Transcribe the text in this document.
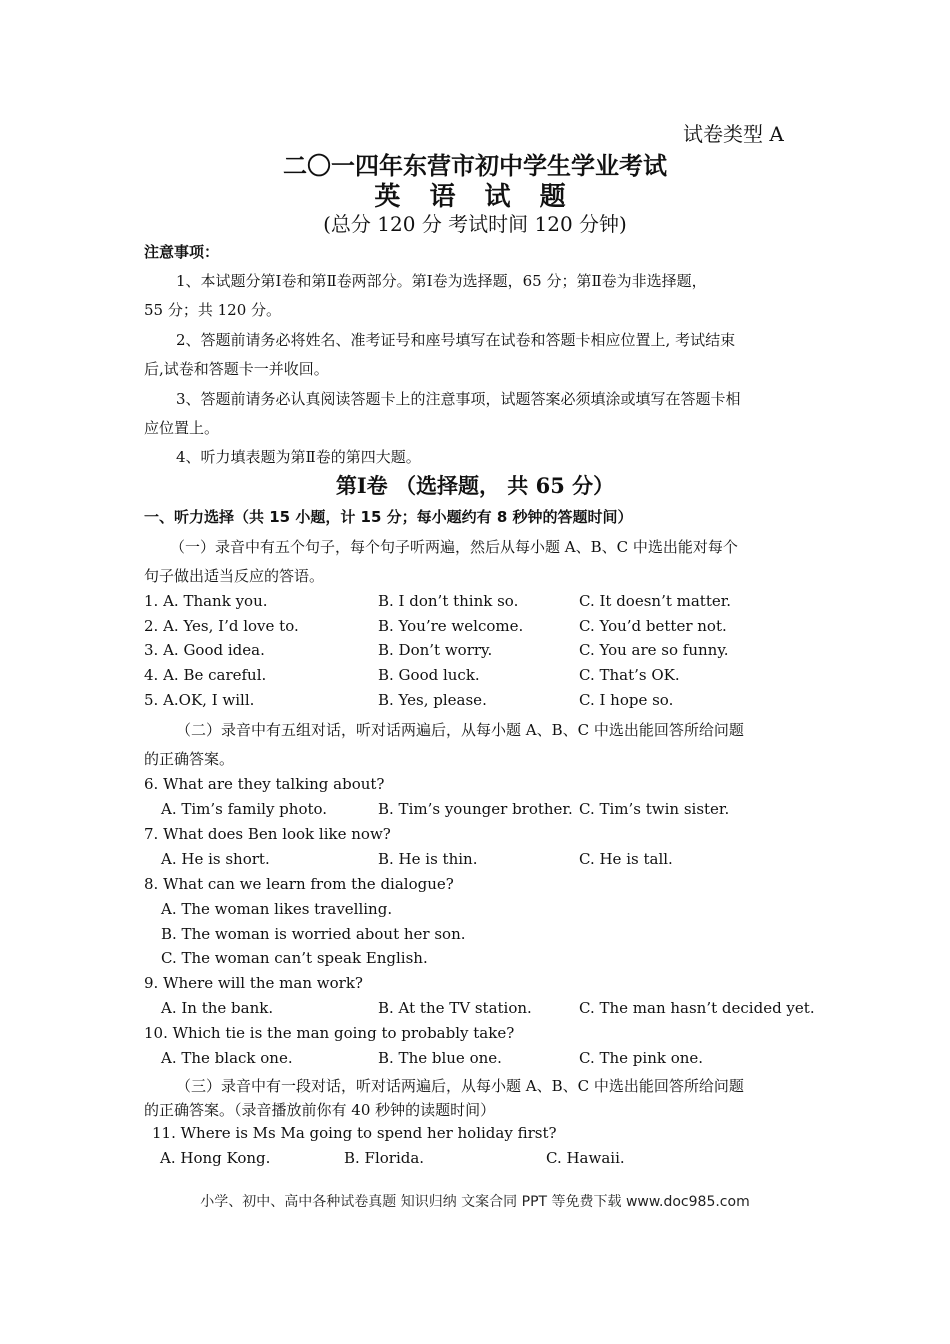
试卷类型 A
二〇一四年东营市初中学生学业考试
英 语 试 题
(总分 120 分 考试时间 120 分钟)
注意事项：
1、本试题分第Ⅰ卷和第Ⅱ卷两部分。第Ⅰ卷为选择题，65 分；第Ⅱ卷为非选择题，
55 分；共 120 分。
2、答题前请务必将姓名、准考证号和座号填写在试卷和答题卡相应位置上, 考试结束
后,试卷和答题卡一并收回。
3、答题前请务必认真阅读答题卡上的注意事项，试题答案必须填涂或填写在答题卡相
应位置上。
4、听力填表题为第Ⅱ卷的第四大题。
第Ⅰ卷 （选择题， 共 65 分）
一、听力选择（共 15 小题，计 15 分；每小题约有 8 秒钟的答题时间）
（一）录音中有五个句子，每个句子听两遍，然后从每小题 A、B、C 中选出能对每个
句子做出适当反应的答语。
1. A. Thank you.	B. I don’t think so.	C. It doesn’t matter.
2. A. Yes, I’d love to.	B. You’re welcome.	C. You’d better not.
3. A. Good idea.	B. Don’t worry.	C. You are so funny.
4. A. Be careful.	B. Good luck.	C. That’s OK.
5. A.OK, I will.	B. Yes, please.	C. I hope so.
（二）录音中有五组对话，听对话两遍后，从每小题 A、B、C 中选出能回答所给问题
的正确答案。
6. What are they talking about?
A. Tim’s family photo.	B. Tim’s younger brother. C. Tim’s twin sister.
7. What does Ben look like now?
A. He is short.	B. He is thin.	C. He is tall.
8. What can we learn from the dialogue?
A. The woman likes travelling.
B. The woman is worried about her son.
C. The woman can’t speak English.
9. Where will the man work?
A. In the bank.	B. At the TV station.	C. The man hasn’t decided yet.
10. Which tie is the man going to probably take?
A. The black one.	B. The blue one.	C. The pink one.
（三）录音中有一段对话，听对话两遍后，从每小题 A、B、C 中选出能回答所给问题
的正确答案。（录音播放前你有 40 秒钟的读题时间）
11. Where is Ms Ma going to spend her holiday first?
A. Hong Kong.	B. Florida.	C. Hawaii.
小学、初中、高中各种试卷真题 知识归纳 文案合同 PPT 等免费下载 www.doc985.com
